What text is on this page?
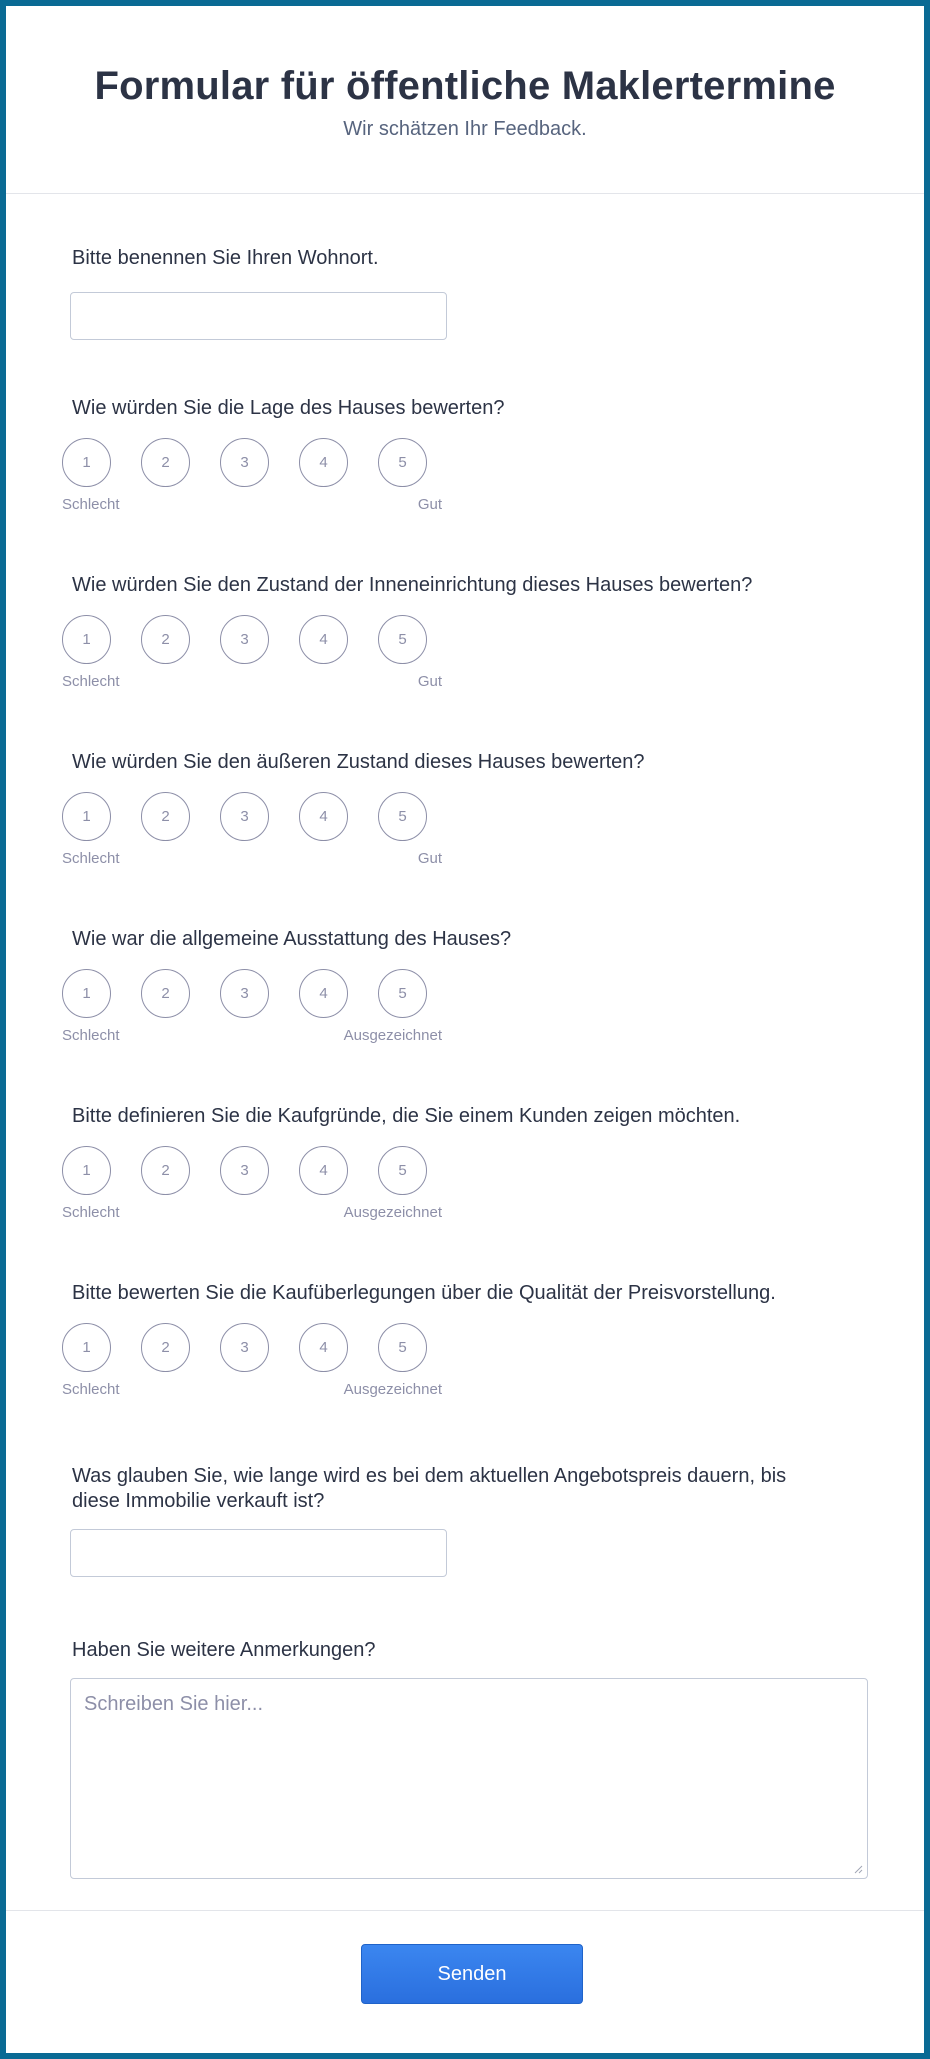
Formular für öffentliche Maklertermine
Wir schätzen Ihr Feedback.
Bitte benennen Sie Ihren Wohnort.
Wie würden Sie die Lage des Hauses bewerten?
1	2	3	4	5
Schlecht	Gut
Wie würden Sie den Zustand der Inneneinrichtung dieses Hauses bewerten?
1	2	3	4	5
Schlecht	Gut
Wie würden Sie den äußeren Zustand dieses Hauses bewerten?
1	2	3	4	5
Schlecht	Gut
Wie war die allgemeine Ausstattung des Hauses?
1	2	3	4	5
Schlecht	Ausgezeichnet
Bitte definieren Sie die Kaufgründe, die Sie einem Kunden zeigen möchten.
1	2	3	4	5
Schlecht	Ausgezeichnet
Bitte bewerten Sie die Kaufüberlegungen über die Qualität der Preisvorstellung.
1	2	3	4	5
Schlecht	Ausgezeichnet
Was glauben Sie, wie lange wird es bei dem aktuellen Angebotspreis dauern, bis
diese Immobilie verkauft ist?
Haben Sie weitere Anmerkungen?
Schreiben Sie hier...
Senden
